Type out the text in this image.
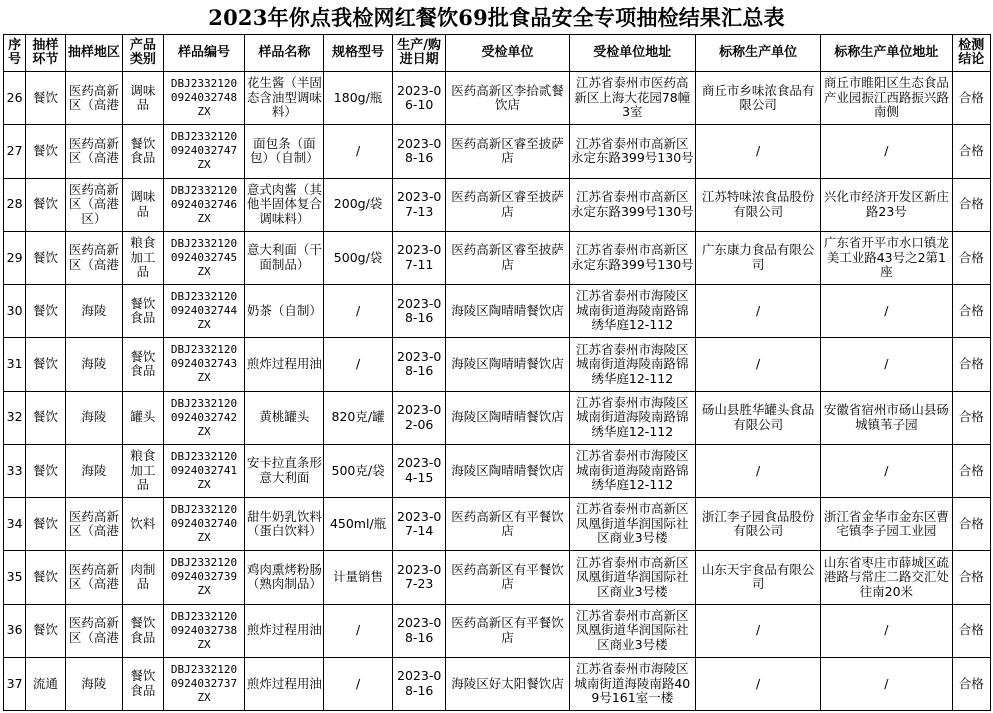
2023年你点我检网红餐饮69批食品安全专项抽检结果汇总表
序号	抽样环节	抽样地区	产品类别	样品编号	样品名称	规格型号	生产/购进日期	受检单位	受检单位地址	标称生产单位	标称生产单位地址	检测结论

26	餐饮	医药高新区（高港	调味品	DBJ2332120 0924032748 ZX	花生酱（半固态含油型调味料）	180g/瓶	2023-06-10	医药高新区李拾贰餐饮店	江苏省泰州市医药高新区上海大花园78幢3室	商丘市乡味浓食品有限公司	商丘市睢阳区生态食品产业园振江西路振兴路南侧	合格

27	餐饮	医药高新区（高港	餐饮食品	DBJ2332120 0924032747 ZX	面包条（面包）（自制）	/	2023-08-16	医药高新区睿至披萨店	江苏省泰州市高新区永定东路399号130号	/	/	合格

28	餐饮	医药高新区（高港区）	调味品	DBJ2332120 0924032746 ZX	意式肉酱（其他半固体复合调味料）	200g/袋	2023-07-13	医药高新区睿至披萨店	江苏省泰州市高新区永定东路399号130号	江苏特味浓食品股份有限公司	兴化市经济开发区新庄路23号	合格

29	餐饮	医药高新区（高港	粮食加工品	DBJ2332120 0924032745 ZX	意大利面（干面制品）	500g/袋	2023-07-11	医药高新区睿至披萨店	江苏省泰州市高新区永定东路399号130号	广东康力食品有限公司	广东省开平市水口镇龙美工业路43号之2第1座	合格

30	餐饮	海陵	餐饮食品	DBJ2332120 0924032744 ZX	奶茶（自制）	/	2023-08-16	海陵区陶晴晴餐饮店	江苏省泰州市海陵区城南街道海陵南路锦绣华庭12-112	/	/	合格

31	餐饮	海陵	餐饮食品	DBJ2332120 0924032743 ZX	煎炸过程用油	/	2023-08-16	海陵区陶晴晴餐饮店	江苏省泰州市海陵区城南街道海陵南路锦绣华庭12-112	/	/	合格

32	餐饮	海陵	罐头	DBJ2332120 0924032742 ZX	黄桃罐头	820克/罐	2023-02-06	海陵区陶晴晴餐饮店	江苏省泰州市海陵区城南街道海陵南路锦绣华庭12-112	砀山县胜华罐头食品有限公司	安徽省宿州市砀山县砀城镇苇子园	合格

33	餐饮	海陵	粮食加工品	DBJ2332120 0924032741 ZX	安卡拉直条形意大利面	500克/袋	2023-04-15	海陵区陶晴晴餐饮店	江苏省泰州市海陵区城南街道海陵南路锦绣华庭12-112	/	/	合格

34	餐饮	医药高新区（高港	饮料	DBJ2332120 0924032740 ZX	甜牛奶乳饮料（蛋白饮料）	450ml/瓶	2023-07-14	医药高新区有平餐饮店	江苏省泰州市高新区凤凰街道华润国际社区商业3号楼	浙江李子园食品股份有限公司	浙江省金华市金东区曹宅镇李子园工业园	合格

35	餐饮	医药高新区（高港	肉制品	DBJ2332120 0924032739 ZX	鸡肉熏烤粉肠（熟肉制品）	计量销售	2023-07-23	医药高新区有平餐饮店	江苏省泰州市高新区凤凰街道华润国际社区商业3号楼	山东天宇食品有限公司	山东省枣庄市薛城区疏港路与常庄二路交汇处往南20米	合格

36	餐饮	医药高新区（高港	餐饮食品	DBJ2332120 0924032738 ZX	煎炸过程用油	/	2023-08-16	医药高新区有平餐饮店	江苏省泰州市高新区凤凰街道华润国际社区商业3号楼	/	/	合格

37	流通	海陵	餐饮食品	DBJ2332120 0924032737 ZX	煎炸过程用油	/	2023-08-16	海陵区好太阳餐饮店	江苏省泰州市海陵区城南街道海陵南路409号161室一楼	/	/	合格
